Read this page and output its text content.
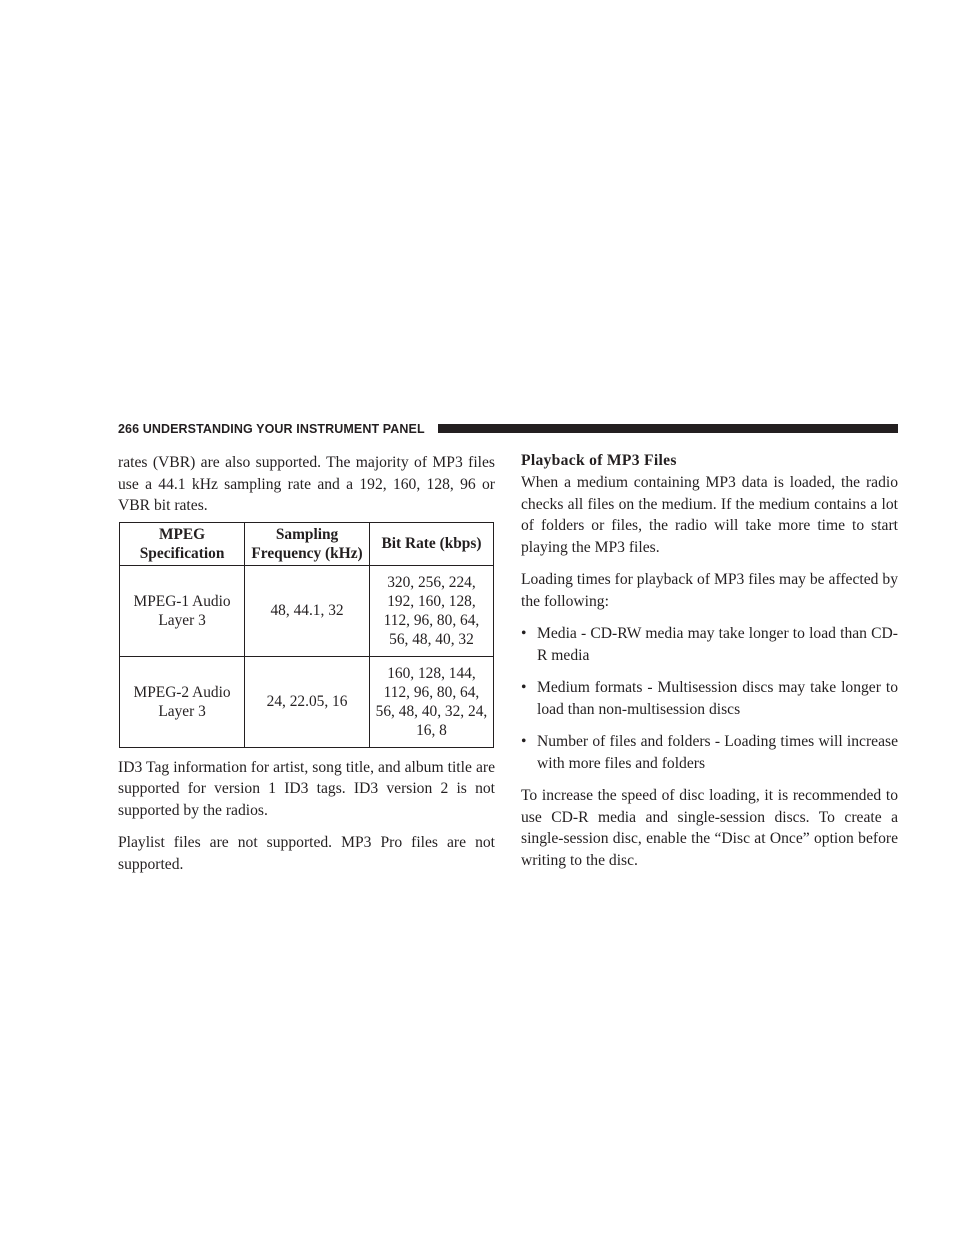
266 UNDERSTANDING YOUR INSTRUMENT PANEL

rates (VBR) are also supported. The majority of MP3 files use a 44.1 kHz sampling rate and a 192, 160, 128, 96 or VBR bit rates.

MPEG Specification	Sampling Frequency (kHz)	Bit Rate (kbps)
MPEG-1 Audio Layer 3	48, 44.1, 32	320, 256, 224, 192, 160, 128, 112, 96, 80, 64, 56, 48, 40, 32
MPEG-2 Audio Layer 3	24, 22.05, 16	160, 128, 144, 112, 96, 80, 64, 56, 48, 40, 32, 24, 16, 8

ID3 Tag information for artist, song title, and album title are supported for version 1 ID3 tags. ID3 version 2 is not supported by the radios.

Playlist files are not supported. MP3 Pro files are not supported.

Playback of MP3 Files

When a medium containing MP3 data is loaded, the radio checks all files on the medium. If the medium contains a lot of folders or files, the radio will take more time to start playing the MP3 files.

Loading times for playback of MP3 files may be affected by the following:

• Media - CD-RW media may take longer to load than CD-R media
• Medium formats - Multisession discs may take longer to load than non-multisession discs
• Number of files and folders - Loading times will increase with more files and folders

To increase the speed of disc loading, it is recommended to use CD-R media and single-session discs. To create a single-session disc, enable the “Disc at Once” option before writing to the disc.
